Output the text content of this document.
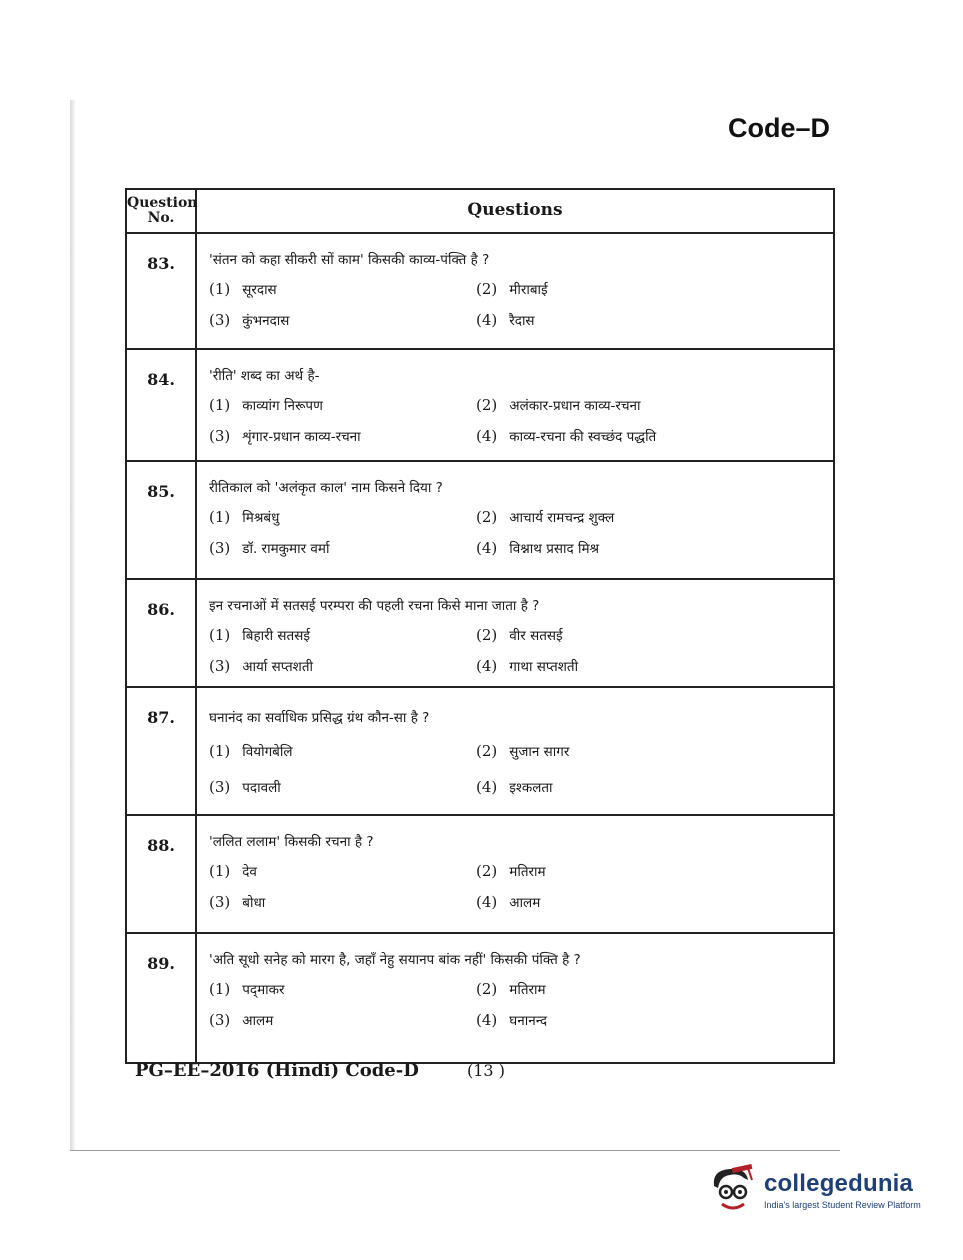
Code–D
Question No.	Questions
83.	'संतन को कहा सीकरी सों काम' किसकी काव्य-पंक्ति है ?
(1) सूरदास	(2) मीराबाई
(3) कुंभनदास	(4) रैदास
84.	'रीति' शब्द का अर्थ है-
(1) काव्यांग निरूपण	(2) अलंकार-प्रधान काव्य-रचना
(3) शृंगार-प्रधान काव्य-रचना	(4) काव्य-रचना की स्वच्छंद पद्धति
85.	रीतिकाल को 'अलंकृत काल' नाम किसने दिया ?
(1) मिश्रबंधु	(2) आचार्य रामचन्द्र शुक्ल
(3) डॉ. रामकुमार वर्मा	(4) विश्नाथ प्रसाद मिश्र
86.	इन रचनाओं में सतसई परम्परा की पहली रचना किसे माना जाता है ?
(1) बिहारी सतसई	(2) वीर सतसई
(3) आर्या सप्तशती	(4) गाथा सप्तशती
87.	घनानंद का सर्वाधिक प्रसिद्ध ग्रंथ कौन-सा है ?
(1) वियोगबेलि	(2) सुजान सागर
(3) पदावली	(4) इश्कलता
88.	'ललित ललाम' किसकी रचना है ?
(1) देव	(2) मतिराम
(3) बोधा	(4) आलम
89.	'अति सूधो सनेह को मारग है, जहाँ नेहु सयानप बांक नहीं' किसकी पंक्ति है ?
(1) पद्‌माकर	(2) मतिराम
(3) आलम	(4) घनानन्द
PG–EE–2016 (Hindi) Code-D	(13 )
collegedunia
India's largest Student Review Platform
